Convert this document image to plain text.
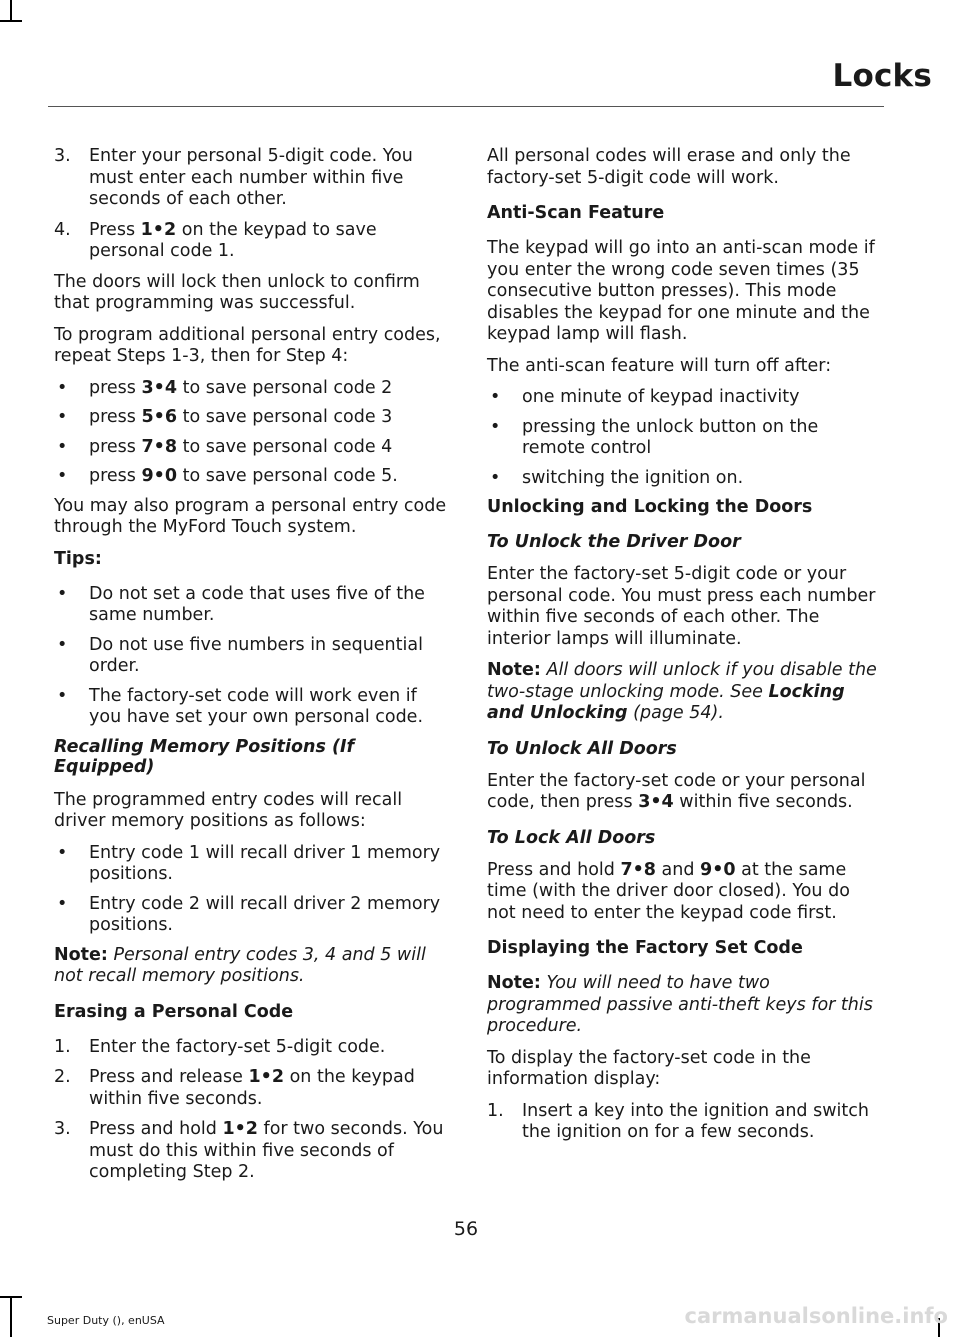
Locks
3.	Enter your personal 5-digit code. You must enter each number within five seconds of each other.
4.	Press 1•2 on the keypad to save personal code 1.

The doors will lock then unlock to confirm that programming was successful.

To program additional personal entry codes, repeat Steps 1-3, then for Step 4:

•	press 3•4 to save personal code 2
•	press 5•6 to save personal code 3
•	press 7•8 to save personal code 4
•	press 9•0 to save personal code 5.

You may also program a personal entry code through the MyFord Touch system.

Tips:
•	Do not set a code that uses five of the same number.
•	Do not use five numbers in sequential order.
•	The factory-set code will work even if you have set your own personal code.
Recalling Memory Positions (If Equipped)

The programmed entry codes will recall driver memory positions as follows:

•	Entry code 1 will recall driver 1 memory positions.
•	Entry code 2 will recall driver 2 memory positions.

Note: Personal entry codes 3, 4 and 5 will not recall memory positions.

Erasing a Personal Code
1.	Enter the factory-set 5-digit code.
2.	Press and release 1•2 on the keypad within five seconds.
3.	Press and hold 1•2 for two seconds. You must do this within five seconds of completing Step 2.

All personal codes will erase and only the factory-set 5-digit code will work.

Anti-Scan Feature

The keypad will go into an anti-scan mode if you enter the wrong code seven times (35 consecutive button presses). This mode disables the keypad for one minute and the keypad lamp will flash.

The anti-scan feature will turn off after:

•	one minute of keypad inactivity
•	pressing the unlock button on the remote control
•	switching the ignition on.
Unlocking and Locking the Doors
To Unlock the Driver Door

Enter the factory-set 5-digit code or your personal code. You must press each number within five seconds of each other. The interior lamps will illuminate.

Note: All doors will unlock if you disable the two-stage unlocking mode. See Locking and Unlocking (page 54).

To Unlock All Doors

Enter the factory-set code or your personal code, then press 3•4 within five seconds.

To Lock All Doors

Press and hold 7•8 and 9•0 at the same time (with the driver door closed). You do not need to enter the keypad code first.

Displaying the Factory Set Code

Note: You will need to have two programmed passive anti-theft keys for this procedure.

To display the factory-set code in the information display:

1.	Insert a key into the ignition and switch the ignition on for a few seconds.
56
Super Duty (), enUSA	carmanualsonline.info
